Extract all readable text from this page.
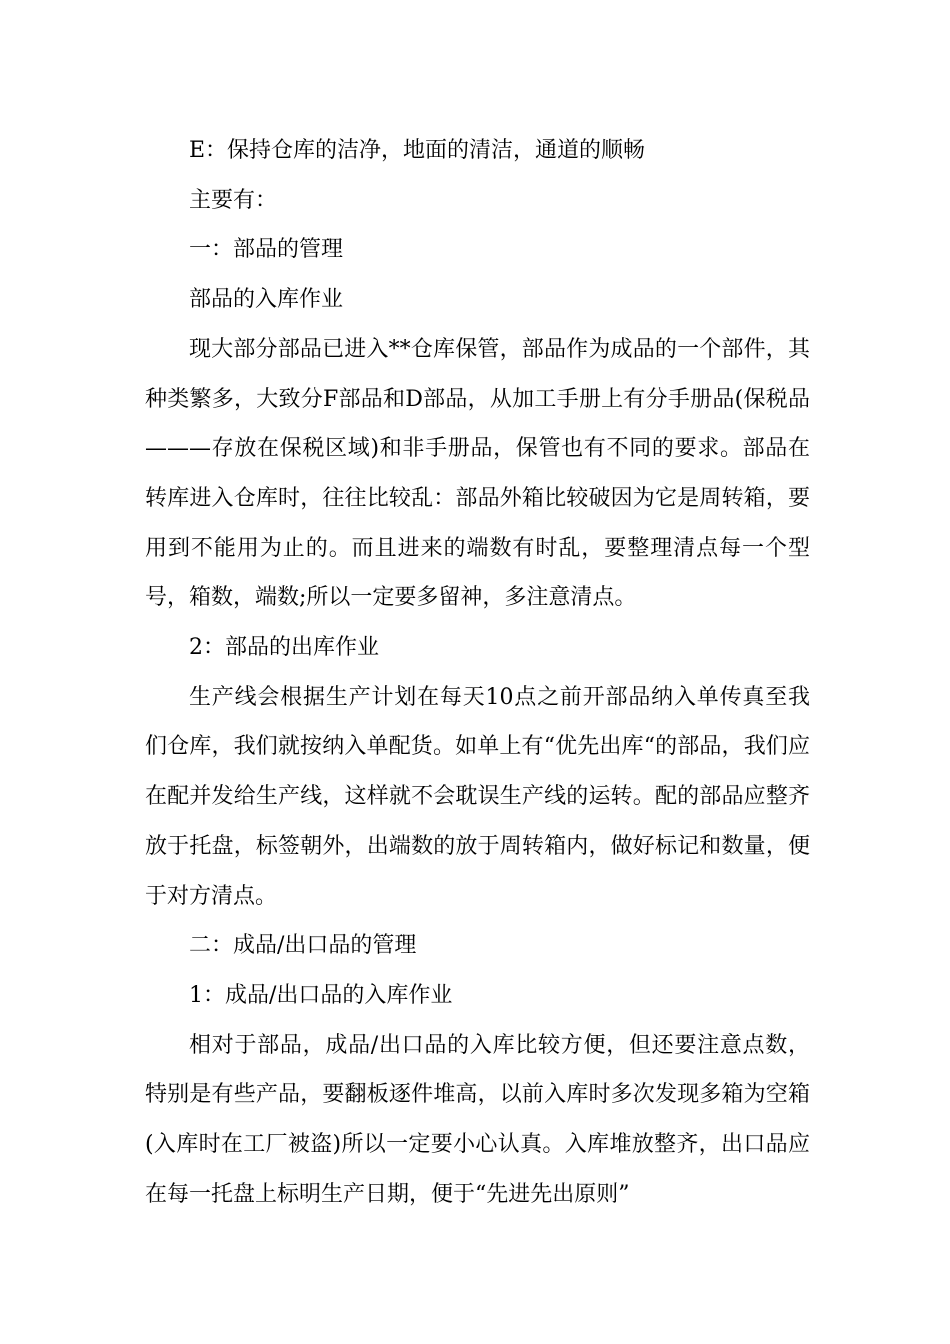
E：保持仓库的洁净，地面的清洁，通道的顺畅

主要有：

一：部品的管理

部品的入库作业

现大部分部品已进入**仓库保管，部品作为成品的一个部件，其种类繁多，大致分F部品和D部品，从加工手册上有分手册品(保税品———存放在保税区域)和非手册品，保管也有不同的要求。部品在转库进入仓库时，往往比较乱：部品外箱比较破因为它是周转箱，要用到不能用为止的。而且进来的端数有时乱，要整理清点每一个型号，箱数，端数;所以一定要多留神，多注意清点。

2：部品的出库作业

生产线会根据生产计划在每天10点之前开部品纳入单传真至我们仓库，我们就按纳入单配货。如单上有“优先出库“的部品，我们应在配并发给生产线，这样就不会耽误生产线的运转。配的部品应整齐放于托盘，标签朝外，出端数的放于周转箱内，做好标记和数量，便于对方清点。

二：成品/出口品的管理

1：成品/出口品的入库作业

相对于部品，成品/出口品的入库比较方便，但还要注意点数，特别是有些产品，要翻板逐件堆高，以前入库时多次发现多箱为空箱(入库时在工厂被盗)所以一定要小心认真。入库堆放整齐，出口品应在每一托盘上标明生产日期，便于“先进先出原则”
